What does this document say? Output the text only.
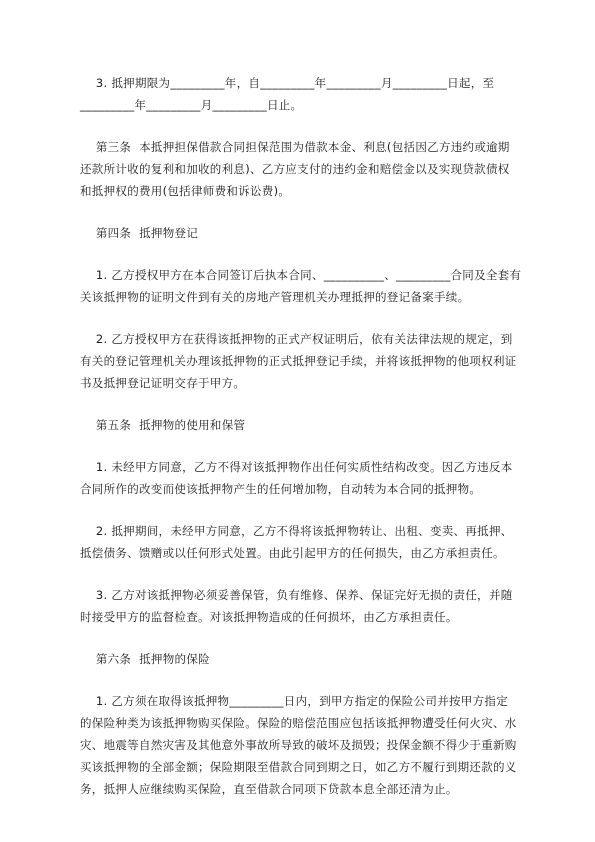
3. 抵押期限为_________年，自_________年_________月_________日起，至
_________年_________月_________日止。
第三条  本抵押担保借款合同担保范围为借款本金、利息(包括因乙方违约或逾期
还款所计收的复利和加收的利息)、乙方应支付的违约金和赔偿金以及实现贷款债权
和抵押权的费用(包括律师费和诉讼费)。
第四条  抵押物登记
1. 乙方授权甲方在本合同签订后执本合同、__________、_________合同及全套有
关该抵押物的证明文件到有关的房地产管理机关办理抵押的登记备案手续。
2. 乙方授权甲方在获得该抵押物的正式产权证明后，依有关法律法规的规定，到
有关的登记管理机关办理该抵押物的正式抵押登记手续，并将该抵押物的他项权利证
书及抵押登记证明交存于甲方。
第五条  抵押物的使用和保管
1. 未经甲方同意，乙方不得对该抵押物作出任何实质性结构改变。因乙方违反本
合同所作的改变而使该抵押物产生的任何增加物，自动转为本合同的抵押物。
2. 抵押期间，未经甲方同意，乙方不得将该抵押物转让、出租、变卖、再抵押、
抵偿债务、馈赠或以任何形式处置。由此引起甲方的任何损失，由乙方承担责任。
3. 乙方对该抵押物必须妥善保管，负有维修、保养、保证完好无损的责任，并随
时接受甲方的监督检查。对该抵押物造成的任何损坏，由乙方承担责任。
第六条  抵押物的保险
1. 乙方须在取得该抵押物_________日内，到甲方指定的保险公司并按甲方指定
的保险种类为该抵押物购买保险。保险的赔偿范围应包括该抵押物遭受任何火灾、水
灾、地震等自然灾害及其他意外事故所导致的破坏及损毁；投保金额不得少于重新购
买该抵押物的全部金额；保险期限至借款合同到期之日，如乙方不履行到期还款的义
务，抵押人应继续购买保险，直至借款合同项下贷款本息全部还清为止。
